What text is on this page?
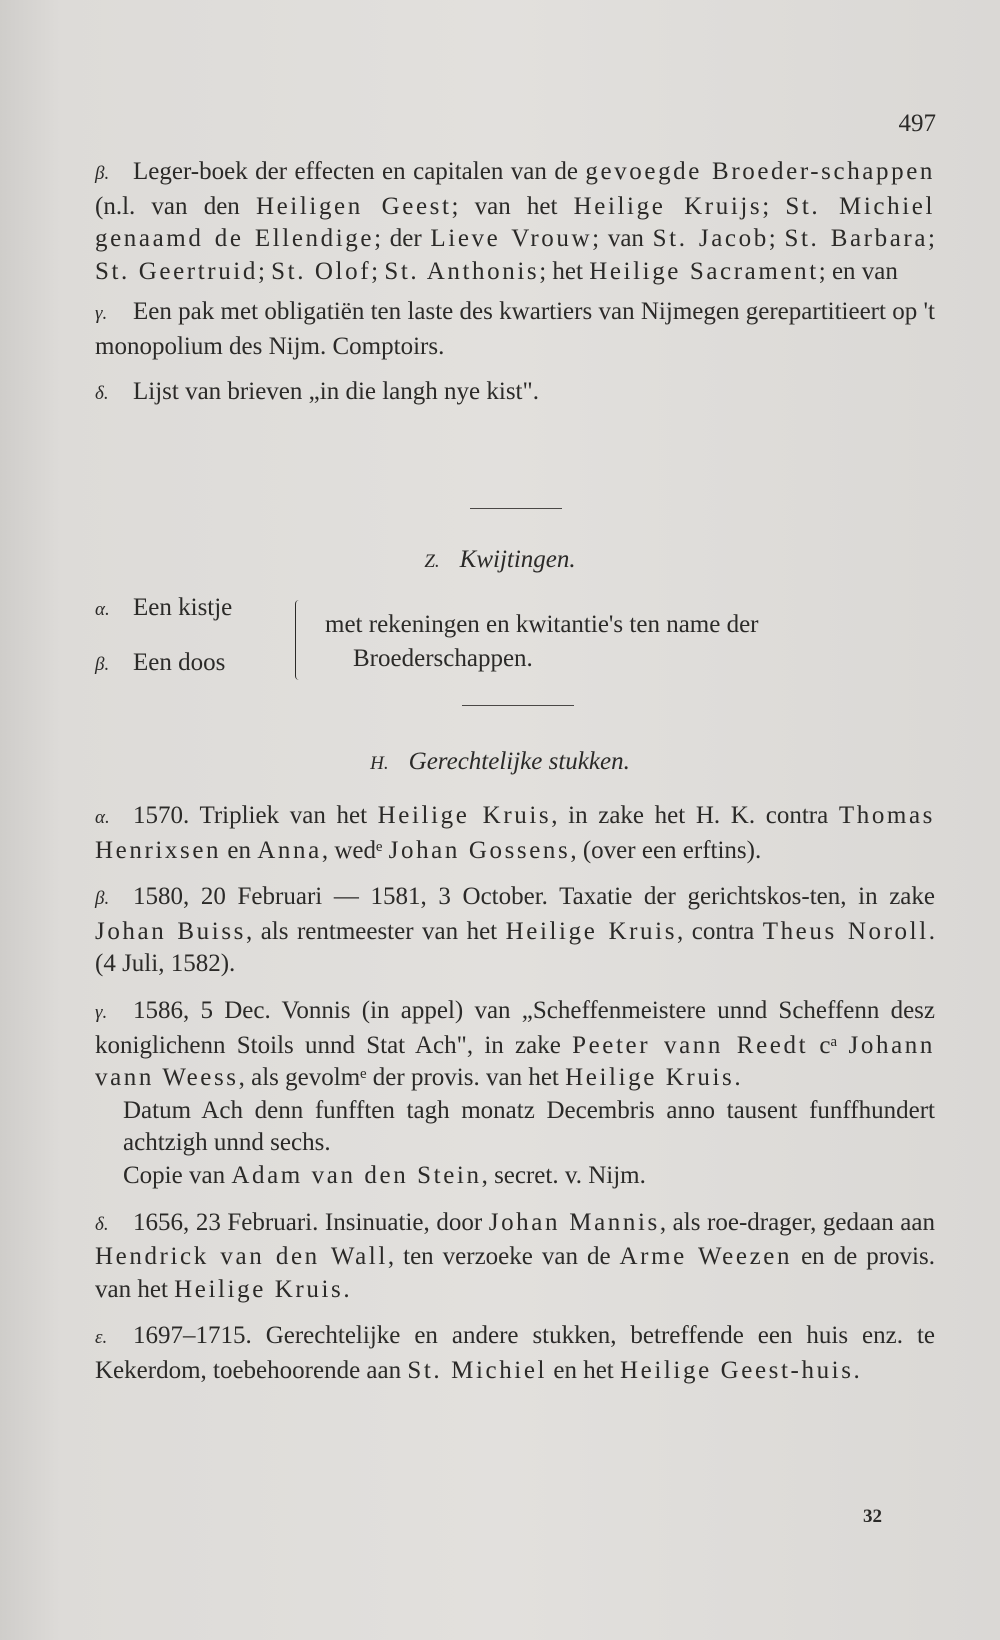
497

β. Leger-boek der effecten en capitalen van de gevoegde Broeder-schappen (n.l. van den Heiligen Geest; van het Heilige Kruijs; St. Michiel genaamd de Ellendige; der Lieve Vrouw; van St. Jacob; St. Barbara; St. Geertruid; St. Olof; St. Anthonis; het Heilige Sacrament; en van

γ. Een pak met obligatiën ten laste des kwartiers van Nijmegen gerepartitieert op 't monopolium des Nijm. Comptoirs.

δ. Lijst van brieven „in die langh nye kist".

Z. Kwijtingen.
α. Een kistje
β. Een doos
met rekeningen en kwitantie's ten name der
Broederschappen.
H. Gerechtelijke stukken.

α. 1570. Tripliek van het Heilige Kruis, in zake het H. K. contra Thomas Henrixsen en Anna, wedᵉ Johan Gossens, (over een erftins).

β. 1580, 20 Februari — 1581, 3 October. Taxatie der gerichtskos-ten, in zake Johan Buiss, als rentmeester van het Heilige Kruis, contra Theus Noroll. (4 Juli, 1582).

γ. 1586, 5 Dec. Vonnis (in appel) van „Scheffenmeistere unnd Scheffenn desz koniglichenn Stoils unnd Stat Ach", in zake Peeter vann Reedt cᵃ Johann vann Weess, als gevolmᵉ der provis. van het Heilige Kruis.

Datum Ach denn funfften tagh monatz Decembris anno tausent funffhundert achtzigh unnd sechs.

Copie van Adam van den Stein, secret. v. Nijm.

δ. 1656, 23 Februari. Insinuatie, door Johan Mannis, als roe-drager, gedaan aan Hendrick van den Wall, ten verzoeke van de Arme Weezen en de provis. van het Heilige Kruis.

ε. 1697–1715. Gerechtelijke en andere stukken, betreffende een huis enz. te Kekerdom, toebehoorende aan St. Michiel en het Heilige Geest-huis.

32
